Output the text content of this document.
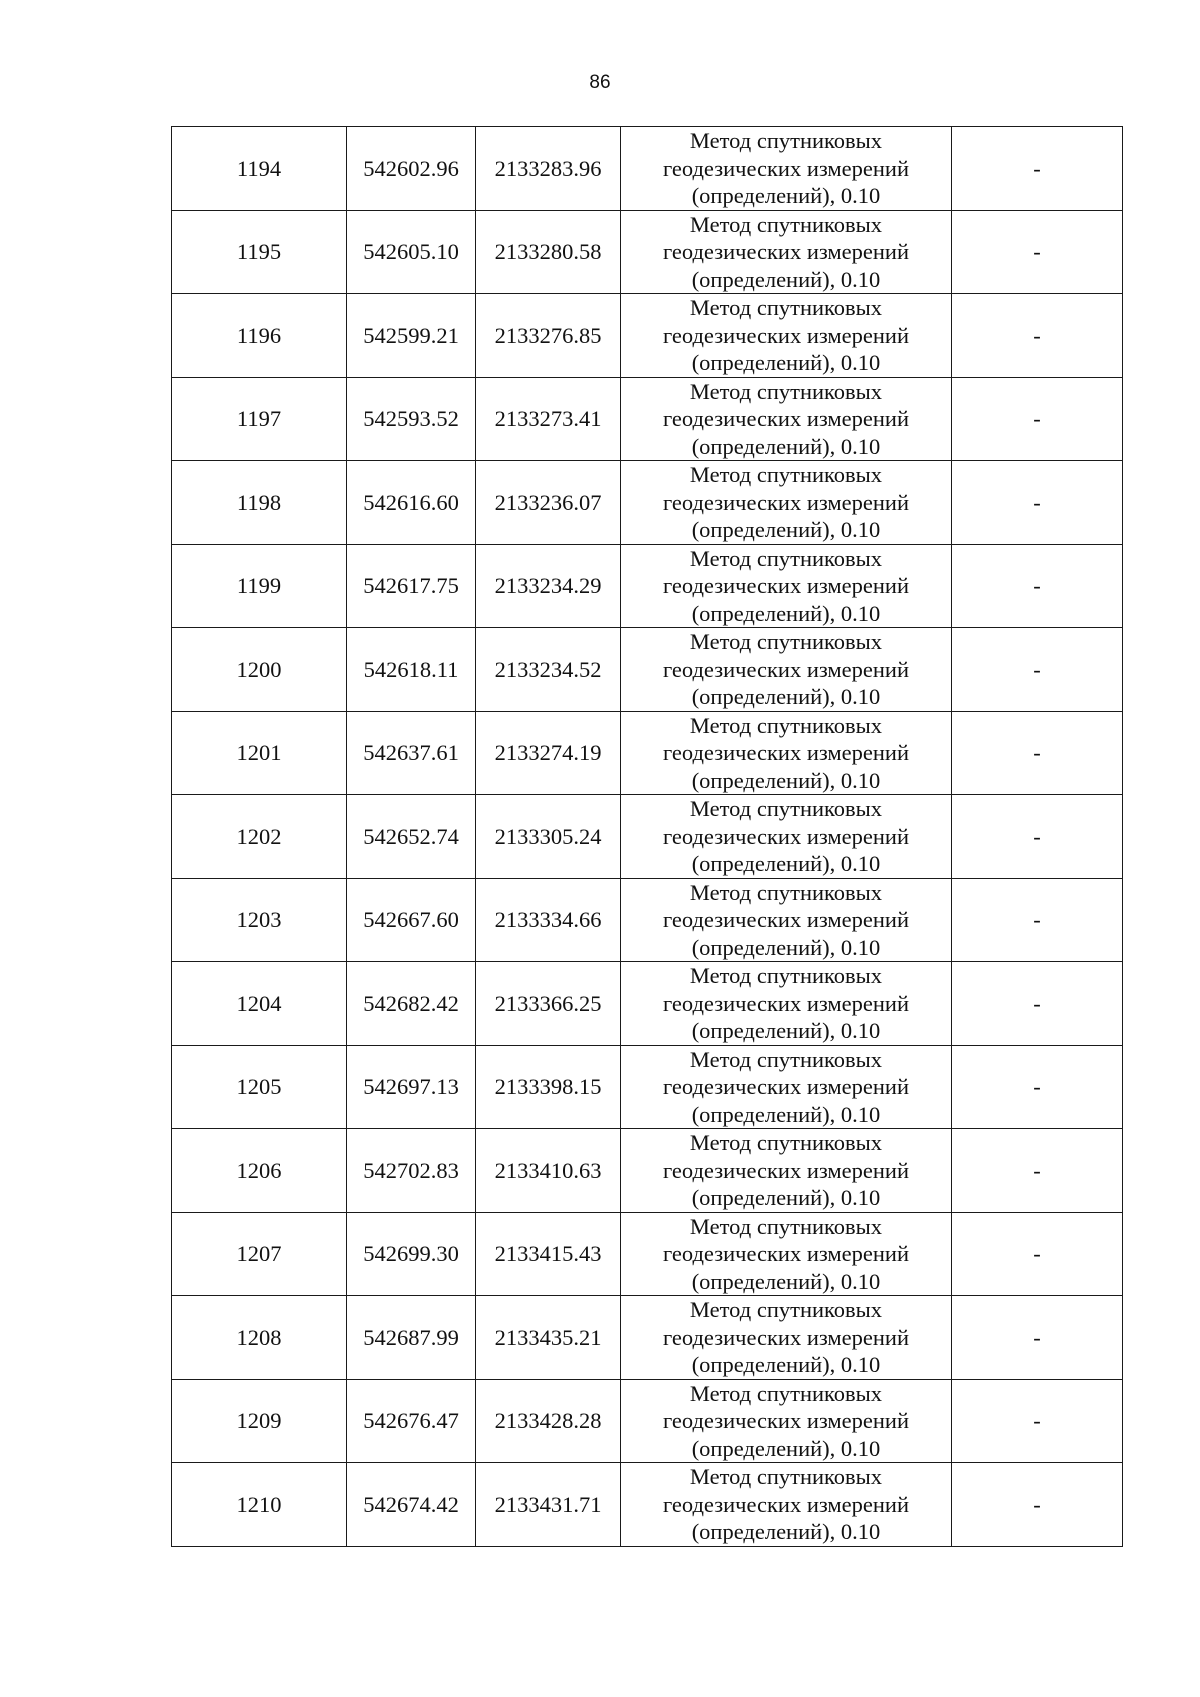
86
1194	542602.96	2133283.96	Метод спутниковых
геодезических измерений
(определений), 0.10	-
1195	542605.10	2133280.58	Метод спутниковых
геодезических измерений
(определений), 0.10	-
1196	542599.21	2133276.85	Метод спутниковых
геодезических измерений
(определений), 0.10	-
1197	542593.52	2133273.41	Метод спутниковых
геодезических измерений
(определений), 0.10	-
1198	542616.60	2133236.07	Метод спутниковых
геодезических измерений
(определений), 0.10	-
1199	542617.75	2133234.29	Метод спутниковых
геодезических измерений
(определений), 0.10	-
1200	542618.11	2133234.52	Метод спутниковых
геодезических измерений
(определений), 0.10	-
1201	542637.61	2133274.19	Метод спутниковых
геодезических измерений
(определений), 0.10	-
1202	542652.74	2133305.24	Метод спутниковых
геодезических измерений
(определений), 0.10	-
1203	542667.60	2133334.66	Метод спутниковых
геодезических измерений
(определений), 0.10	-
1204	542682.42	2133366.25	Метод спутниковых
геодезических измерений
(определений), 0.10	-
1205	542697.13	2133398.15	Метод спутниковых
геодезических измерений
(определений), 0.10	-
1206	542702.83	2133410.63	Метод спутниковых
геодезических измерений
(определений), 0.10	-
1207	542699.30	2133415.43	Метод спутниковых
геодезических измерений
(определений), 0.10	-
1208	542687.99	2133435.21	Метод спутниковых
геодезических измерений
(определений), 0.10	-
1209	542676.47	2133428.28	Метод спутниковых
геодезических измерений
(определений), 0.10	-
1210	542674.42	2133431.71	Метод спутниковых
геодезических измерений
(определений), 0.10	-
